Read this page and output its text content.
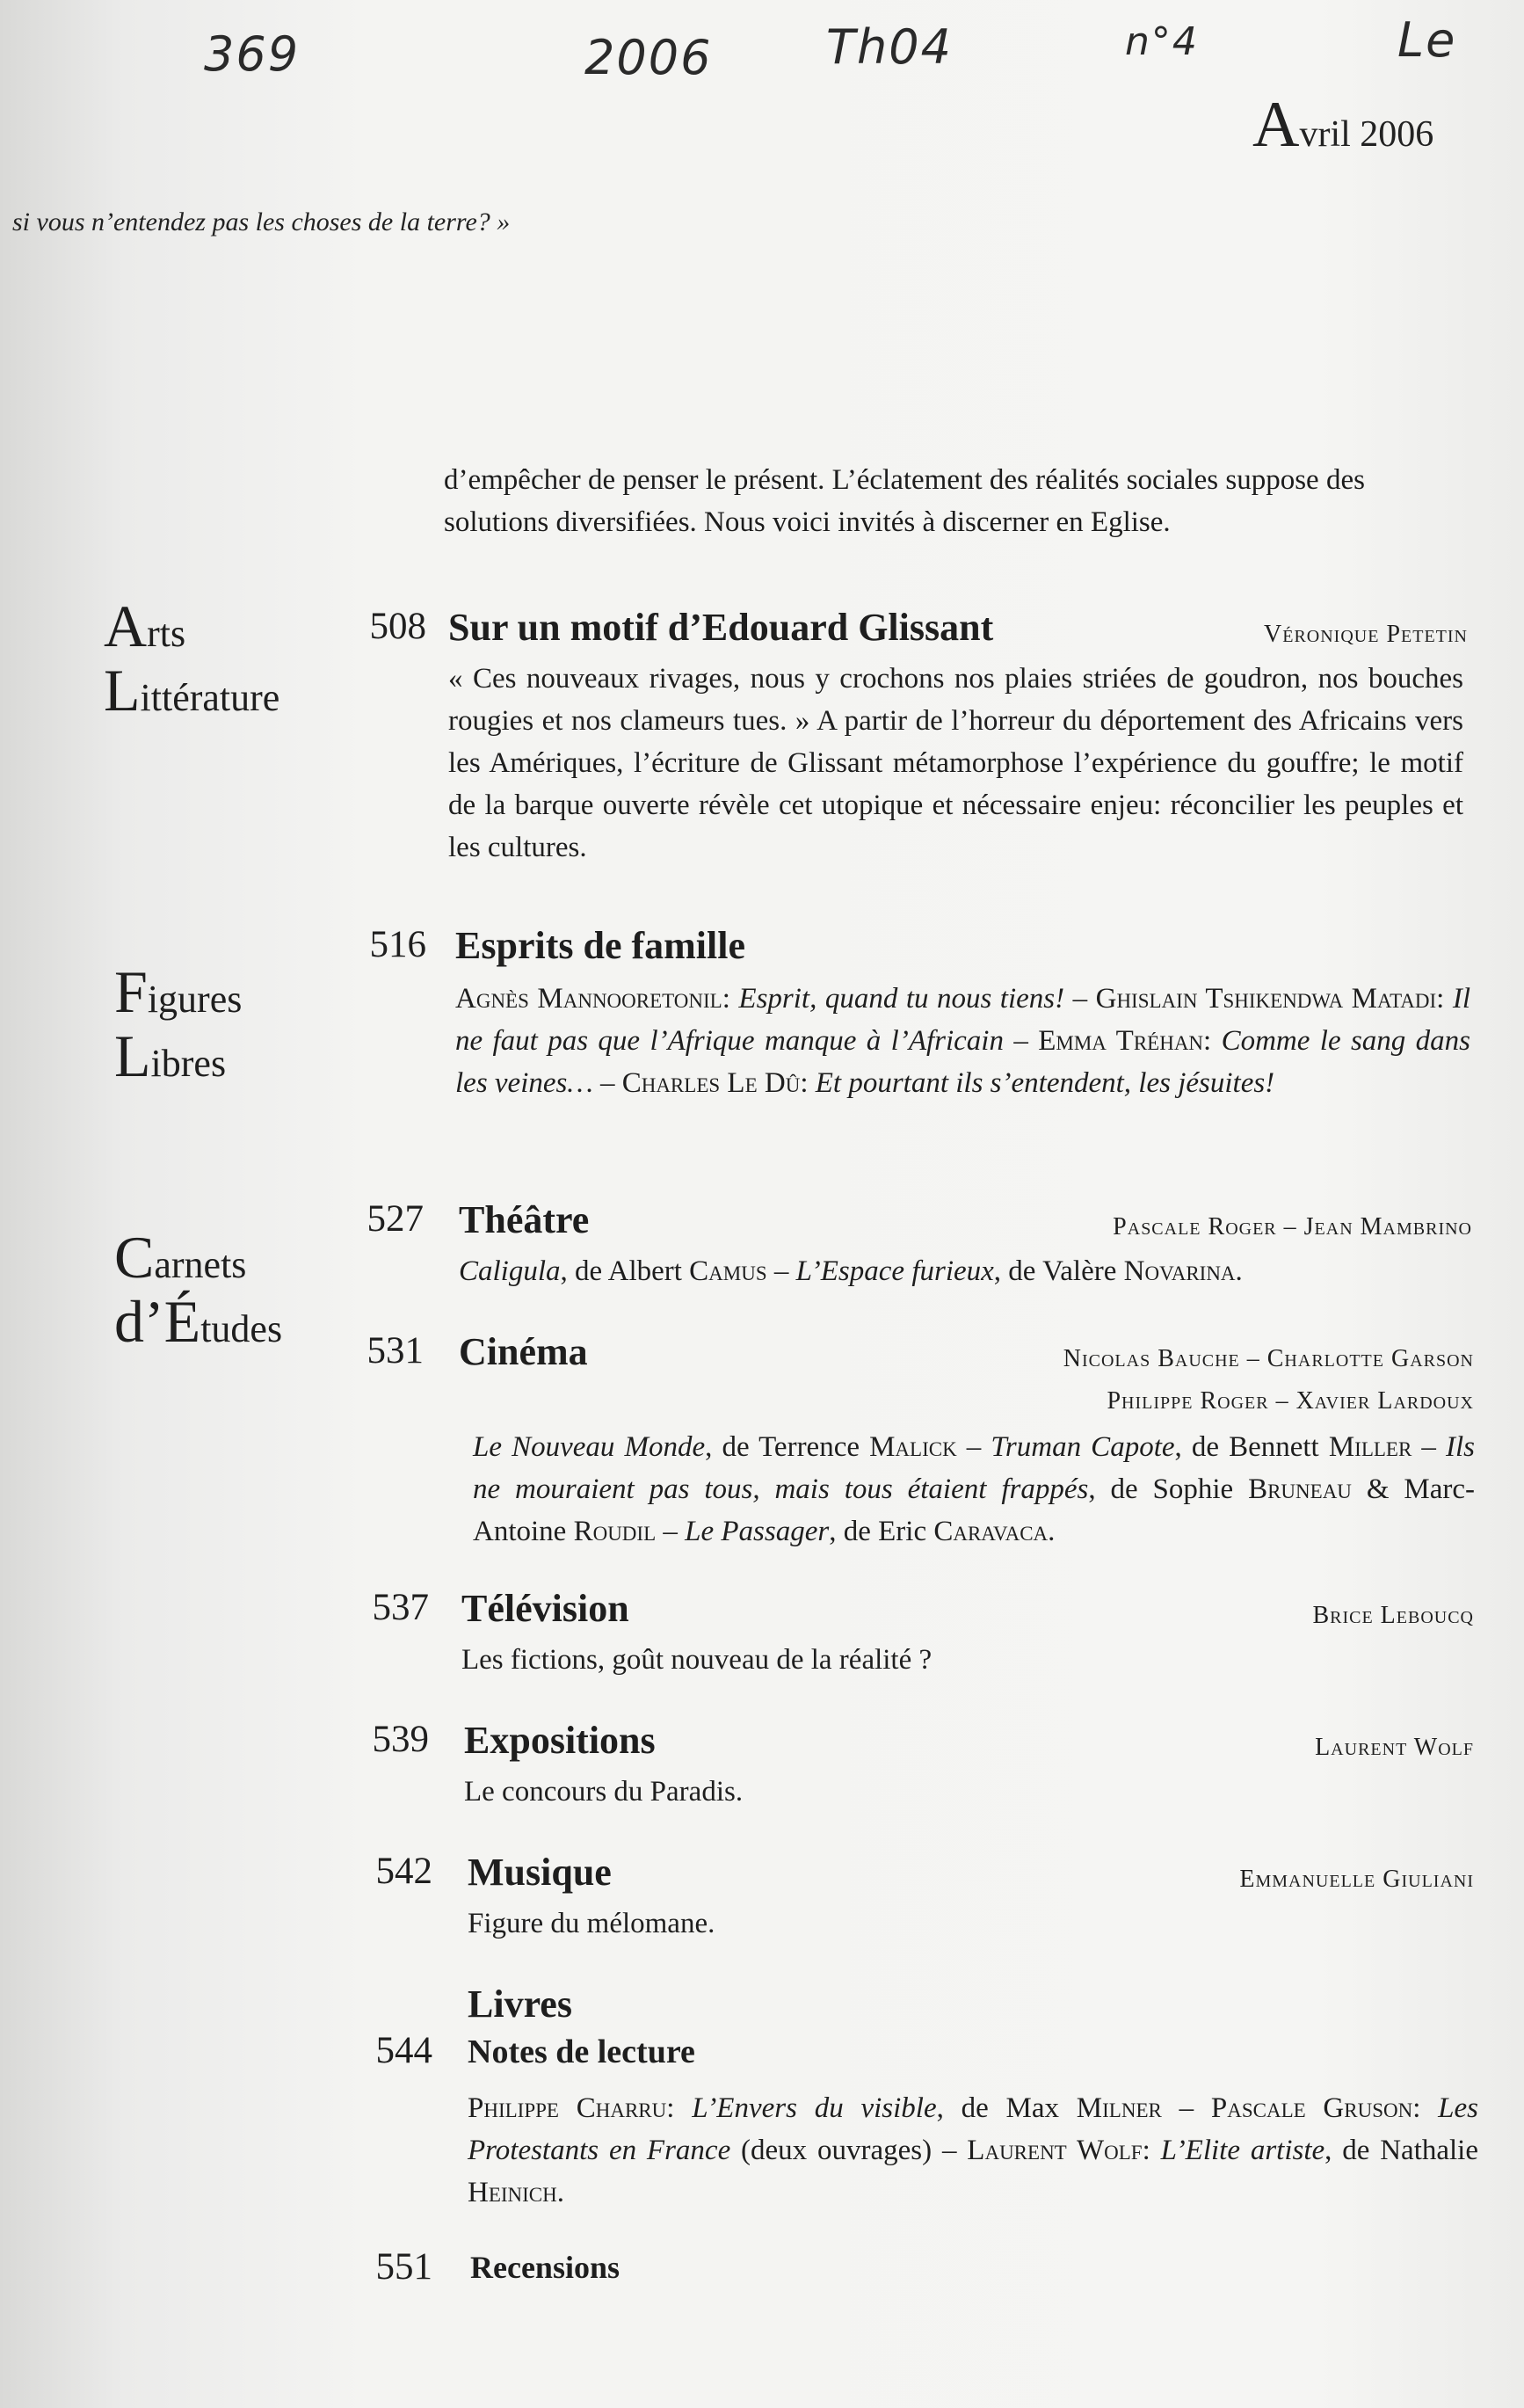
369	2006 Th04	n°4	Le
Avril 2006
si vous n’entendez pas les choses de la terre? »
d’empêcher de penser le présent. L’éclatement des réalités sociales suppose des solutions diversifiées. Nous voici invités à discerner en Eglise.
Arts
Littérature
Figures
Libres
Carnets
d’Études
508 Sur un motif d’Edouard Glissant	Véronique Petetin
« Ces nouveaux rivages, nous y crochons nos plaies striées de goudron, nos bouches rougies et nos clameurs tues. » A partir de l’horreur du déportement des Africains vers les Amériques, l’écriture de Glissant métamorphose l’expérience du gouffre; le motif de la barque ouverte révèle cet utopique et nécessaire enjeu: réconcilier les peuples et les cultures.
516 Esprits de famille
Agnès Mannooretonil: Esprit, quand tu nous tiens! – Ghislain Tshikendwa Matadi: Il ne faut pas que l’Afrique manque à l’Africain – Emma Tréhan: Comme le sang dans les veines… – Charles Le Dû: Et pourtant ils s’entendent, les jésuites!
527 Théâtre	Pascale Roger – Jean Mambrino
Caligula, de Albert Camus – L’Espace furieux, de Valère Novarina.
531 Cinéma	Nicolas Bauche – Charlotte Garson
Philippe Roger – Xavier Lardoux
Le Nouveau Monde, de Terrence Malick – Truman Capote, de Bennett Miller – Ils ne mouraient pas tous, mais tous étaient frappés, de Sophie Bruneau & Marc-Antoine Roudil – Le Passager, de Eric Caravaca.
537 Télévision	Brice Leboucq
Les fictions, goût nouveau de la réalité ?
539 Expositions	Laurent Wolf
Le concours du Paradis.
542 Musique	Emmanuelle Giuliani
Figure du mélomane.
Livres
544 Notes de lecture
Philippe Charru: L’Envers du visible, de Max Milner – Pascale Gruson: Les Protestants en France (deux ouvrages) – Laurent Wolf: L’Elite artiste, de Nathalie Heinich.
551 Recensions
